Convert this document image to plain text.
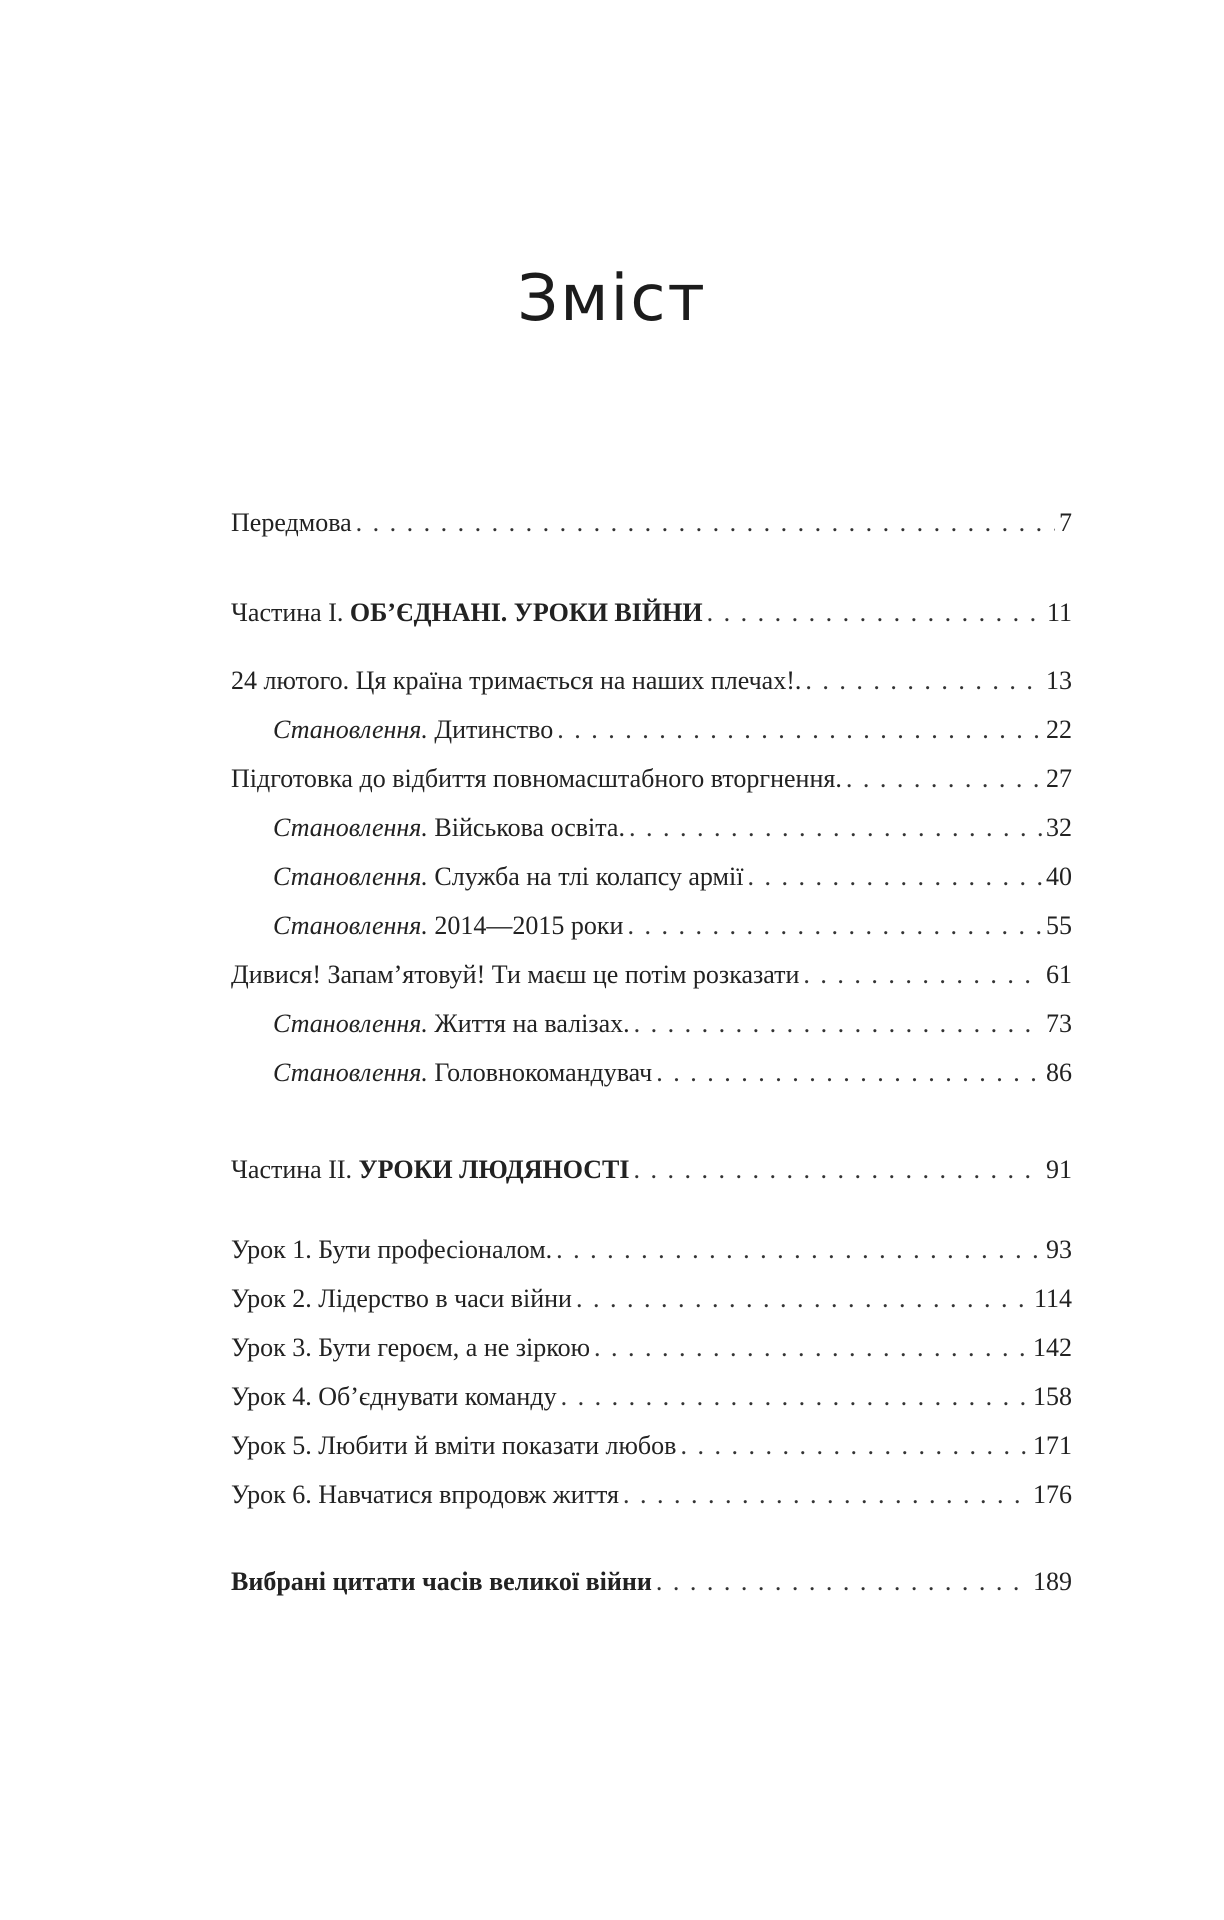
Зміст
Передмова . . .	7
Частина І. ОБ’ЄДНАНІ. УРОКИ ВІЙНИ . . .	11
24 лютого. Ця країна тримається на наших плечах!. . . .	13
Становлення. Дитинство . . .	22
Підготовка до відбиття повномасштабного вторгнення. . . .	27
Становлення. Військова освіта. . . .	32
Становлення. Служба на тлі колапсу армії . . .	40
Становлення. 2014—2015 роки . . .	55
Дивися! Запам’ятовуй! Ти маєш це потім розказати . . .	61
Становлення. Життя на валізах. . . .	73
Становлення. Головнокомандувач . . .	86
Частина ІІ. УРОКИ ЛЮДЯНОСТІ . . .	91
Урок 1. Бути професіоналом. . . .	93
Урок 2. Лідерство в часи війни . . .	114
Урок 3. Бути героєм, а не зіркою . . .	142
Урок 4. Об’єднувати команду . . .	158
Урок 5. Любити й вміти показати любов . . .	171
Урок 6. Навчатися впродовж життя . . .	176
Вибрані цитати часів великої війни . . .	189
